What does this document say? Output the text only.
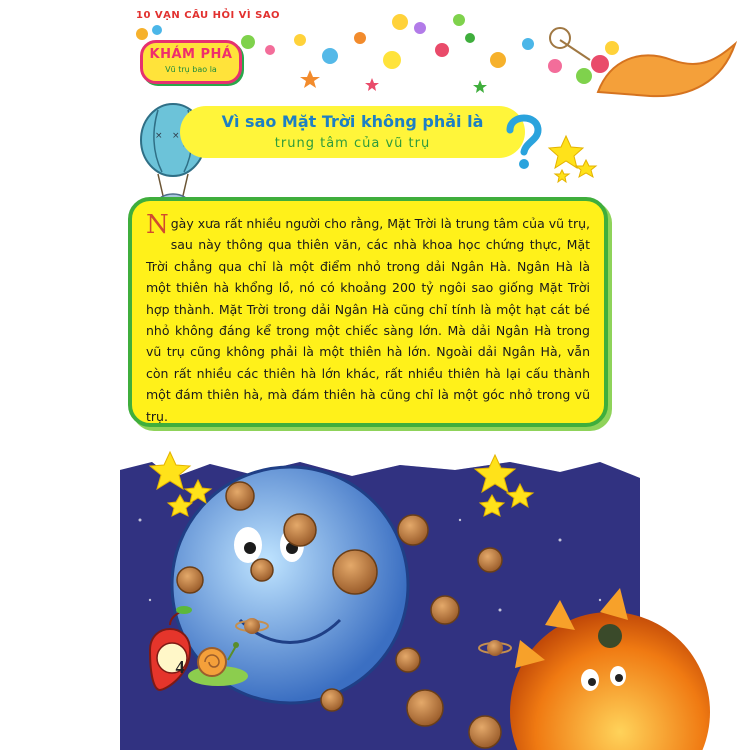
10 VẠN CÂU HỎI VÌ SAO
KHÁM PHÁ
Vũ trụ bao la
× ×
Vì sao Mặt Trời không phải là
trung tâm của vũ trụ

Ngày xưa rất nhiều người cho rằng, Mặt Trời là trung tâm của vũ trụ, sau này thông qua thiên văn, các nhà khoa học chứng thực, Mặt Trời chẳng qua chỉ là một điểm nhỏ trong dải Ngân Hà. Ngân Hà là một thiên hà khổng lồ, nó có khoảng 200 tỷ ngôi sao giống Mặt Trời hợp thành. Mặt Trời trong dải Ngân Hà cũng chỉ tính là một hạt cát bé nhỏ không đáng kể trong một chiếc sàng lớn. Mà dải Ngân Hà trong vũ trụ cũng không phải là một thiên hà lớn. Ngoài dải Ngân Hà, vẫn còn rất nhiều các thiên hà lớn khác, rất nhiều thiên hà lại cấu thành một đám thiên hà, mà đám thiên hà cũng chỉ là một góc nhỏ trong vũ trụ.

4
